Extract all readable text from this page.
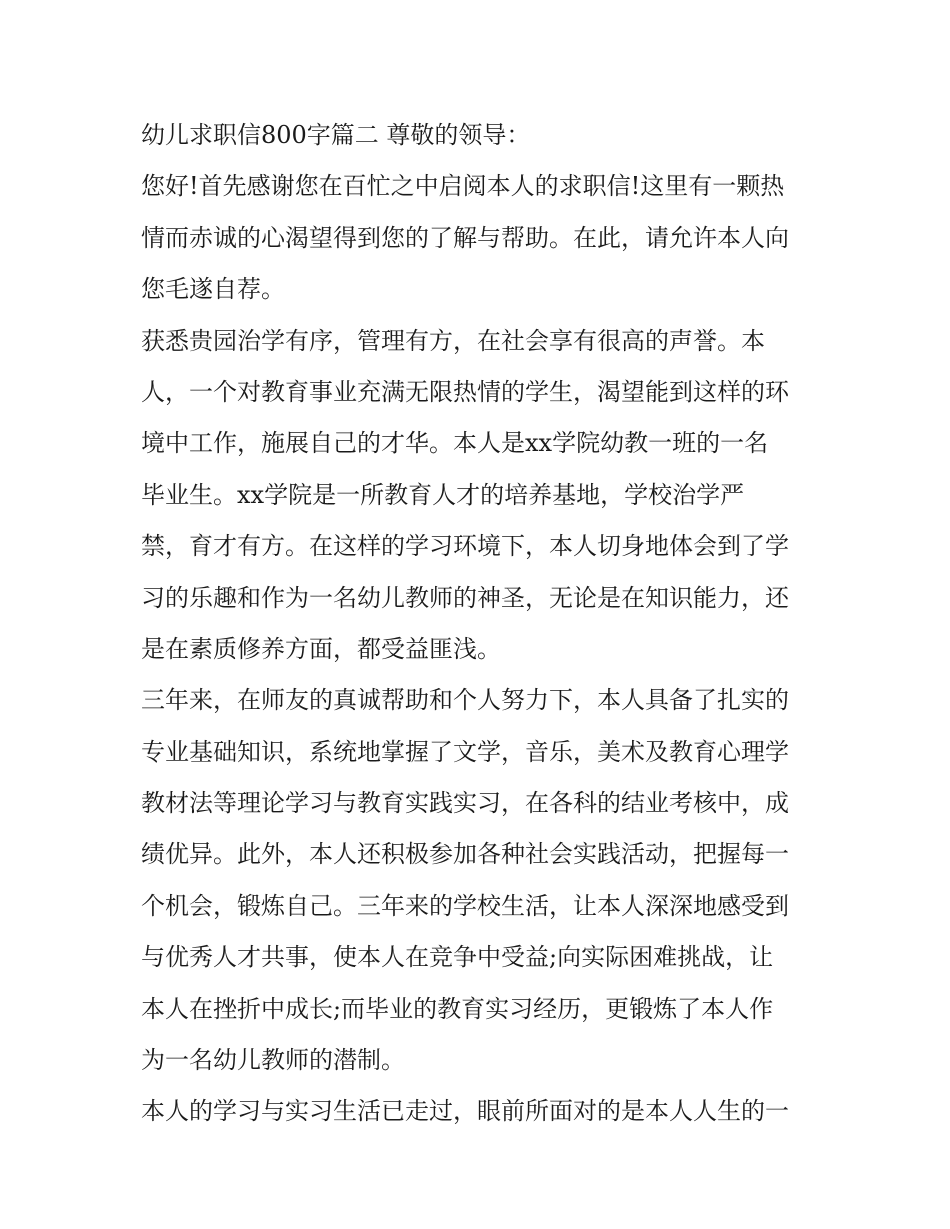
幼儿求职信800字篇二 尊敬的领导：
您好!首先感谢您在百忙之中启阅本人的求职信!这里有一颗热
情而赤诚的心渴望得到您的了解与帮助。在此，请允许本人向
您毛遂自荐。
获悉贵园治学有序，管理有方，在社会享有很高的声誉。本
人，一个对教育事业充满无限热情的学生，渴望能到这样的环
境中工作，施展自己的才华。本人是xx学院幼教一班的一名
毕业生。xx学院是一所教育人才的培养基地，学校治学严
禁，育才有方。在这样的学习环境下，本人切身地体会到了学
习的乐趣和作为一名幼儿教师的神圣，无论是在知识能力，还
是在素质修养方面，都受益匪浅。
三年来，在师友的真诚帮助和个人努力下，本人具备了扎实的
专业基础知识，系统地掌握了文学，音乐，美术及教育心理学
教材法等理论学习与教育实践实习，在各科的结业考核中，成
绩优异。此外，本人还积极参加各种社会实践活动，把握每一
个机会，锻炼自己。三年来的学校生活，让本人深深地感受到
与优秀人才共事，使本人在竞争中受益;向实际困难挑战，让
本人在挫折中成长;而毕业的教育实习经历，更锻炼了本人作
为一名幼儿教师的潜制。
本人的学习与实习生活已走过，眼前所面对的是本人人生的一
